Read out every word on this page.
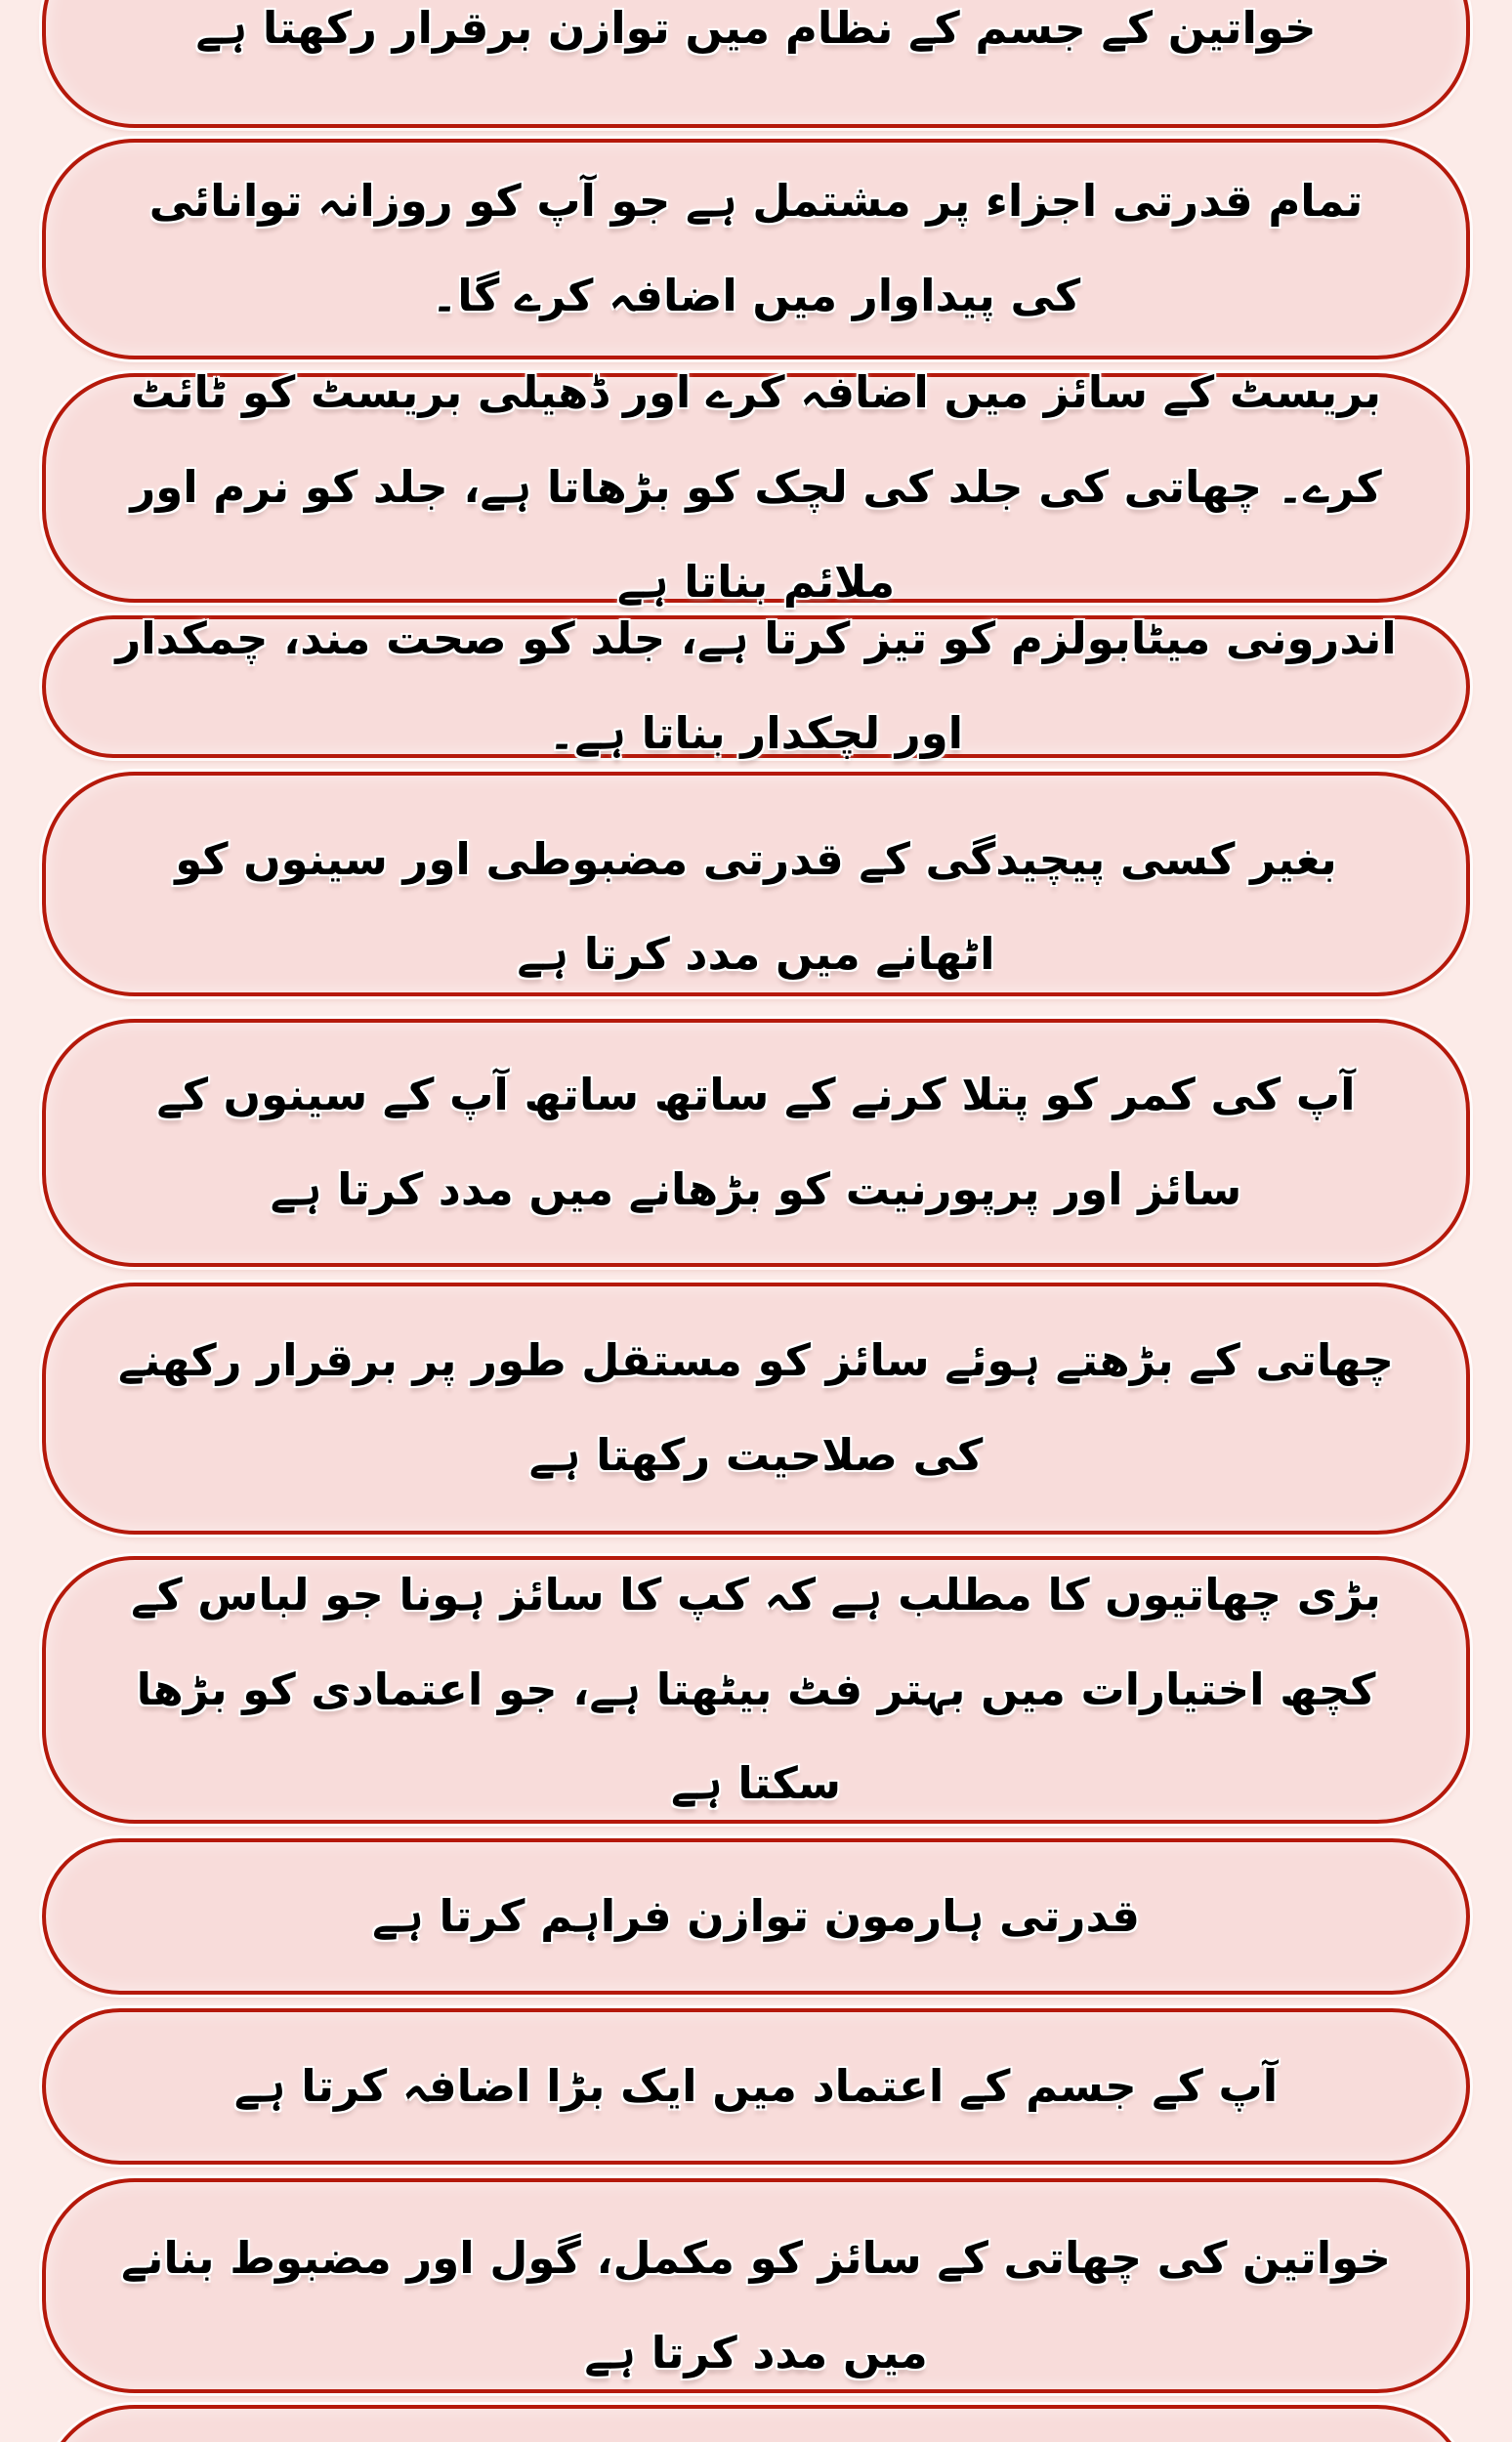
خواتین کے جسم کے نظام میں توازن برقرار رکھتا ہے
تمام قدرتی اجزاء پر مشتمل ہے جو آپ کو روزانہ توانائی کی پیداوار میں اضافہ کرے گا۔
بریسٹ کے سائز میں اضافہ کرے اور ڈھیلی بریسٹ کو ٹائٹ کرے۔ چھاتی کی جلد کی لچک کو بڑھاتا ہے، جلد کو نرم اور ملائم بناتا ہے
اندرونی میٹابولزم کو تیز کرتا ہے، جلد کو صحت مند، چمکدار اور لچکدار بناتا ہے۔
بغیر کسی پیچیدگی کے قدرتی مضبوطی اور سینوں کو اٹھانے میں مدد کرتا ہے
آپ کی کمر کو پتلا کرنے کے ساتھ ساتھ آپ کے سینوں کے سائز اور پرپورنیت کو بڑھانے میں مدد کرتا ہے
چھاتی کے بڑھتے ہوئے سائز کو مستقل طور پر برقرار رکھنے کی صلاحیت رکھتا ہے
بڑی چھاتیوں کا مطلب ہے کہ کپ کا سائز ہونا جو لباس کے کچھ اختیارات میں بہتر فٹ بیٹھتا ہے، جو اعتمادی کو بڑھا سکتا ہے
قدرتی ہارمون توازن فراہم کرتا ہے
آپ کے جسم کے اعتماد میں ایک بڑا اضافہ کرتا ہے
خواتین کی چھاتی کے سائز کو مکمل، گول اور مضبوط بنانے میں مدد کرتا ہے
